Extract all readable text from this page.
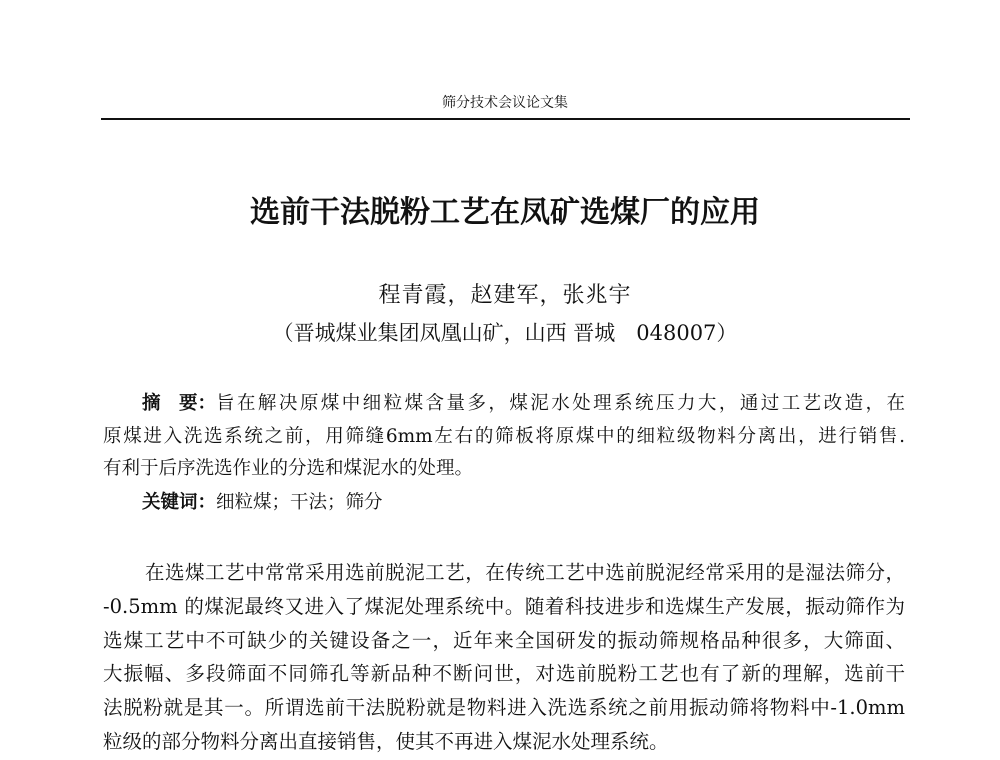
筛分技术会议论文集
选前干法脱粉工艺在凤矿选煤厂的应用
程青霞，赵建军，张兆宇
（晋城煤业集团凤凰山矿，山西 晋城　048007）
摘　要： 旨在解决原煤中细粒煤含量多，煤泥水处理系统压力大，通过工艺改造，在
原煤进入洗选系统之前，用筛缝6mm左右的筛板将原煤中的细粒级物料分离出，进行销售.
有利于后序洗选作业的分选和煤泥水的处理。
关键词： 细粒煤；干法；筛分
在选煤工艺中常常采用选前脱泥工艺，在传统工艺中选前脱泥经常采用的是湿法筛分，
-0.5mm 的煤泥最终又进入了煤泥处理系统中。随着科技进步和选煤生产发展，振动筛作为
选煤工艺中不可缺少的关键设备之一，近年来全国研发的振动筛规格品种很多，大筛面、
大振幅、多段筛面不同筛孔等新品种不断问世，对选前脱粉工艺也有了新的理解，选前干
法脱粉就是其一。所谓选前干法脱粉就是物料进入洗选系统之前用振动筛将物料中-1.0mm
粒级的部分物料分离出直接销售，使其不再进入煤泥水处理系统。
